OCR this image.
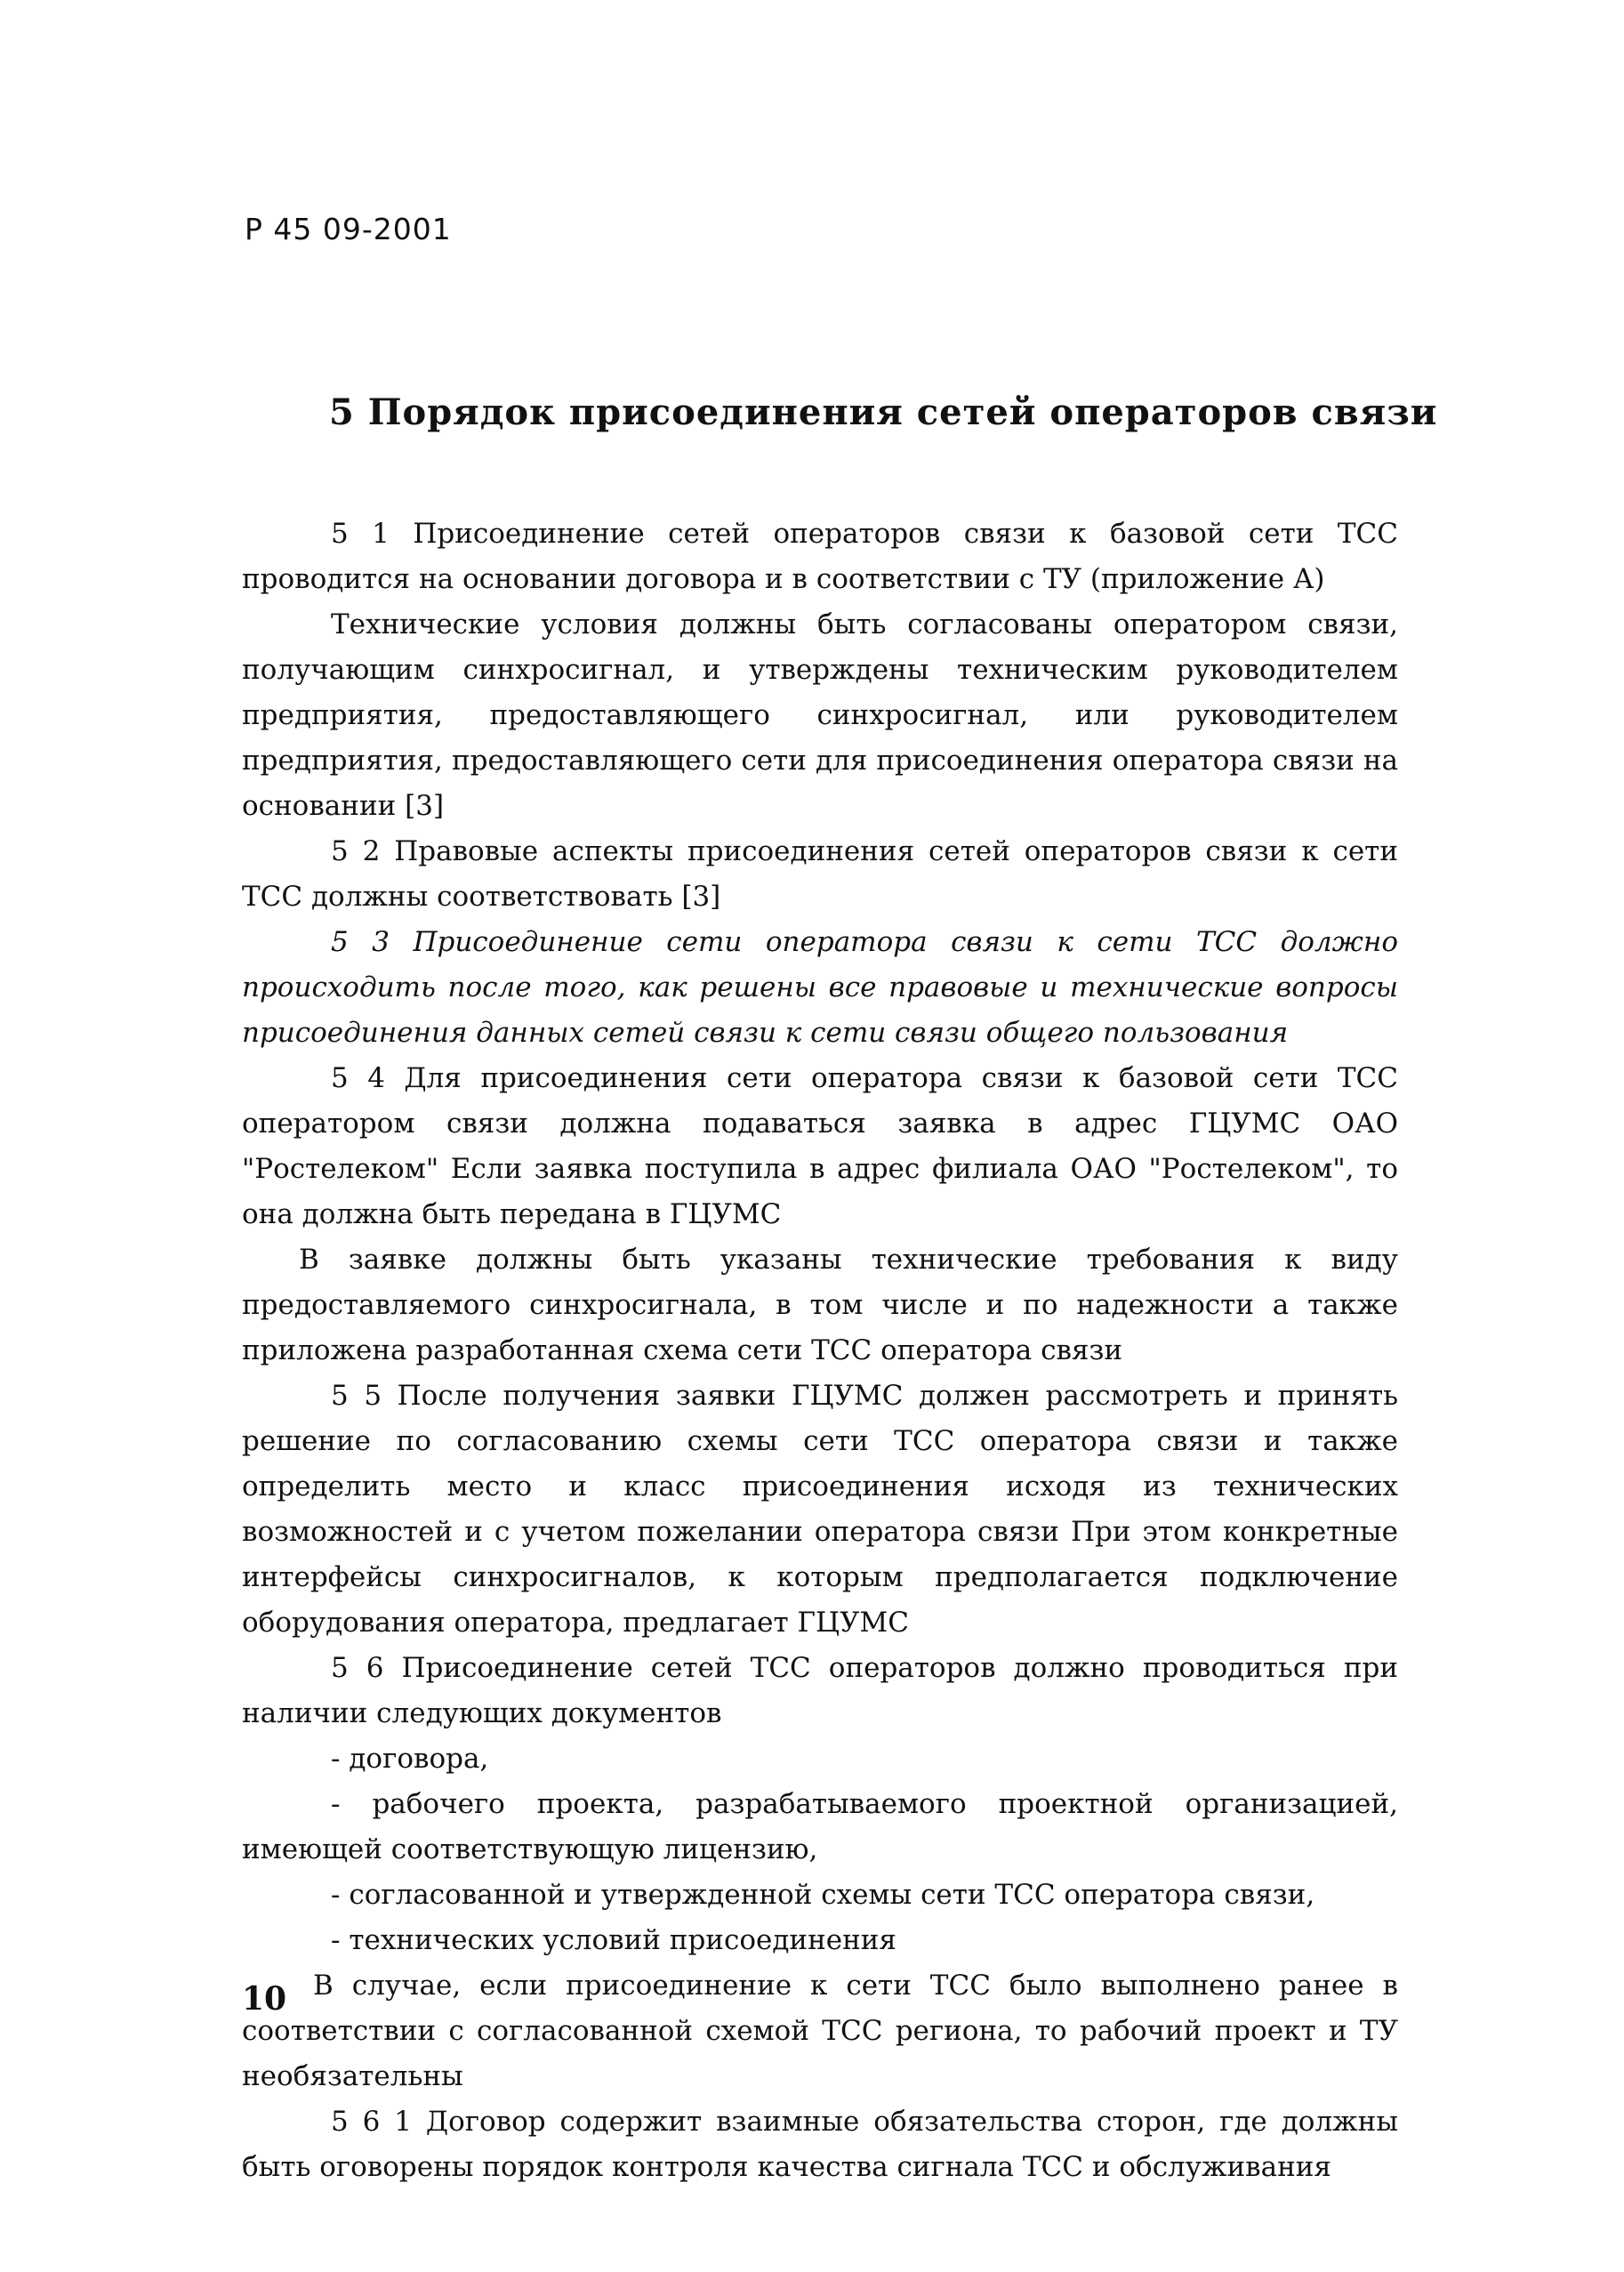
Р 45 09-2001
5 Порядок присоединения сетей операторов связи

5 1 Присоединение сетей операторов связи к базовой сети ТСС проводится на основании договора и в соответствии с ТУ (приложение А)

Технические условия должны быть согласованы оператором связи, получающим синхросигнал, и утверждены техническим руководителем предприятия, предоставляющего синхросигнал, или руководителем предприятия, предоставляющего сети для присоединения оператора связи на основании [3]

5 2 Правовые аспекты присоединения сетей операторов связи к сети ТСС должны соответствовать [3]

5 3 Присоединение сети оператора связи к сети ТСС должно происходить после того, как решены все правовые и технические вопросы присоединения данных сетей связи к сети связи общего пользования

5 4 Для присоединения сети оператора связи к базовой сети ТСС оператором связи должна подаваться заявка в адрес ГЦУМС ОАО "Ростелеком" Если заявка поступила в адрес филиала ОАО "Ростелеком", то она должна быть передана в ГЦУМС

В заявке должны быть указаны технические требования к виду предоставляемого синхросигнала, в том числе и по надежности а также приложена разработанная схема сети ТСС оператора связи

5 5 После получения заявки ГЦУМС должен рассмотреть и принять решение по согласованию схемы сети ТСС оператора связи и также определить место и класс присоединения исходя из технических возможностей и с учетом пожелании оператора связи При этом конкретные интерфейсы синхросигналов, к которым предполагается подключение оборудования оператора, предлагает ГЦУМС

5 6 Присоединение сетей ТСС операторов должно проводиться при наличии следующих документов

- договора,

- рабочего проекта, разрабатываемого проектной организацией, имеющей соответствующую лицензию,

- согласованной и утвержденной схемы сети ТСС оператора связи,

- технических условий присоединения

В случае, если присоединение к сети ТСС было выполнено ранее в соответствии с согласованной схемой ТСС региона, то рабочий проект и ТУ необязательны

5 6 1 Договор содержит взаимные обязательства сторон, где должны быть оговорены порядок контроля качества сигнала ТСС и обслуживания

10
